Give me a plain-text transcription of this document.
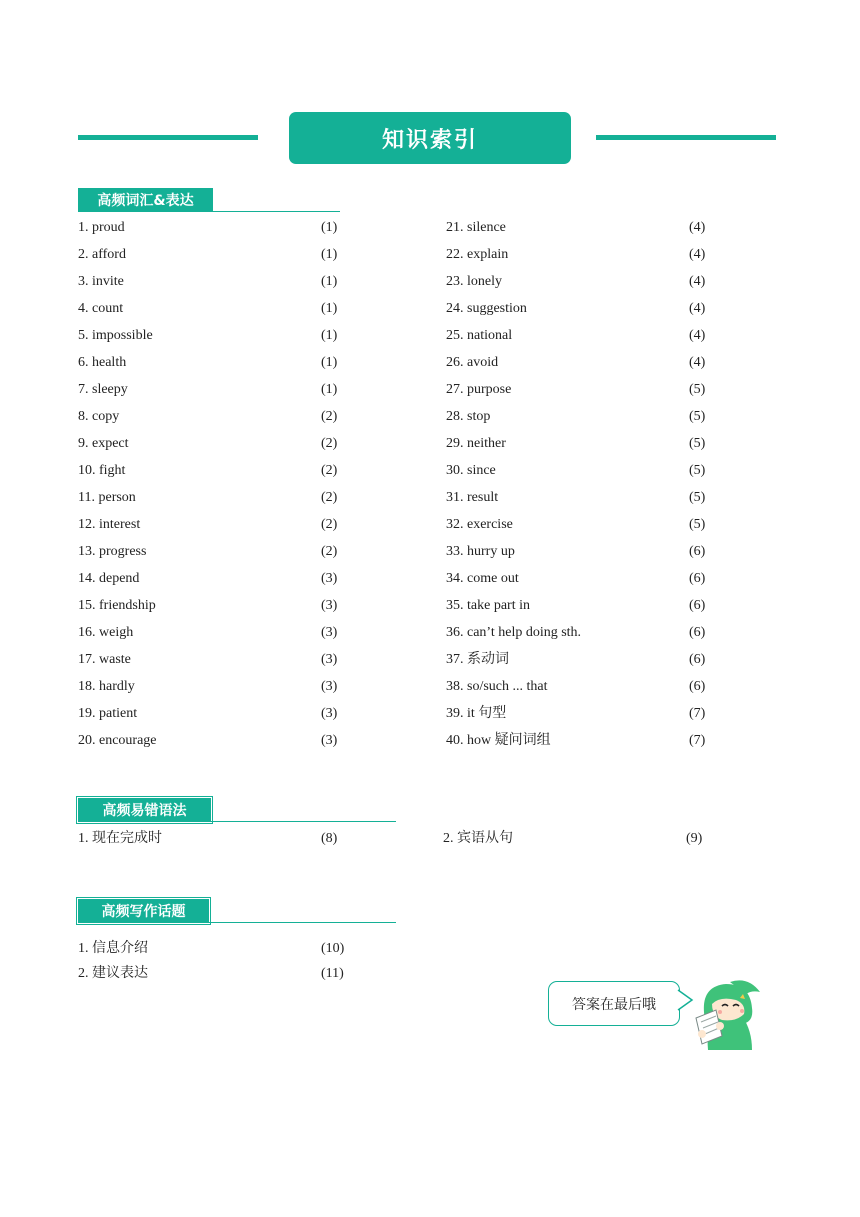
知识索引
高频词汇&表达
1. proud	(1)
2. afford	(1)
3. invite	(1)
4. count	(1)
5. impossible	(1)
6. health	(1)
7. sleepy	(1)
8. copy	(2)
9. expect	(2)
10. fight	(2)
11. person	(2)
12. interest	(2)
13. progress	(2)
14. depend	(3)
15. friendship	(3)
16. weigh	(3)
17. waste	(3)
18. hardly	(3)
19. patient	(3)
20. encourage	(3)
21. silence	(4)
22. explain	(4)
23. lonely	(4)
24. suggestion	(4)
25. national	(4)
26. avoid	(4)
27. purpose	(5)
28. stop	(5)
29. neither	(5)
30. since	(5)
31. result	(5)
32. exercise	(5)
33. hurry up	(6)
34. come out	(6)
35. take part in	(6)
36. can’t help doing sth.	(6)
37. 系动词	(6)
38. so/such ... that	(6)
39. it 句型	(7)
40. how 疑问词组	(7)
高频易错语法
1. 现在完成时	(8)	2. 宾语从句	(9)
高频写作话题
1. 信息介绍	(10)
2. 建议表达	(11)
答案在最后哦
